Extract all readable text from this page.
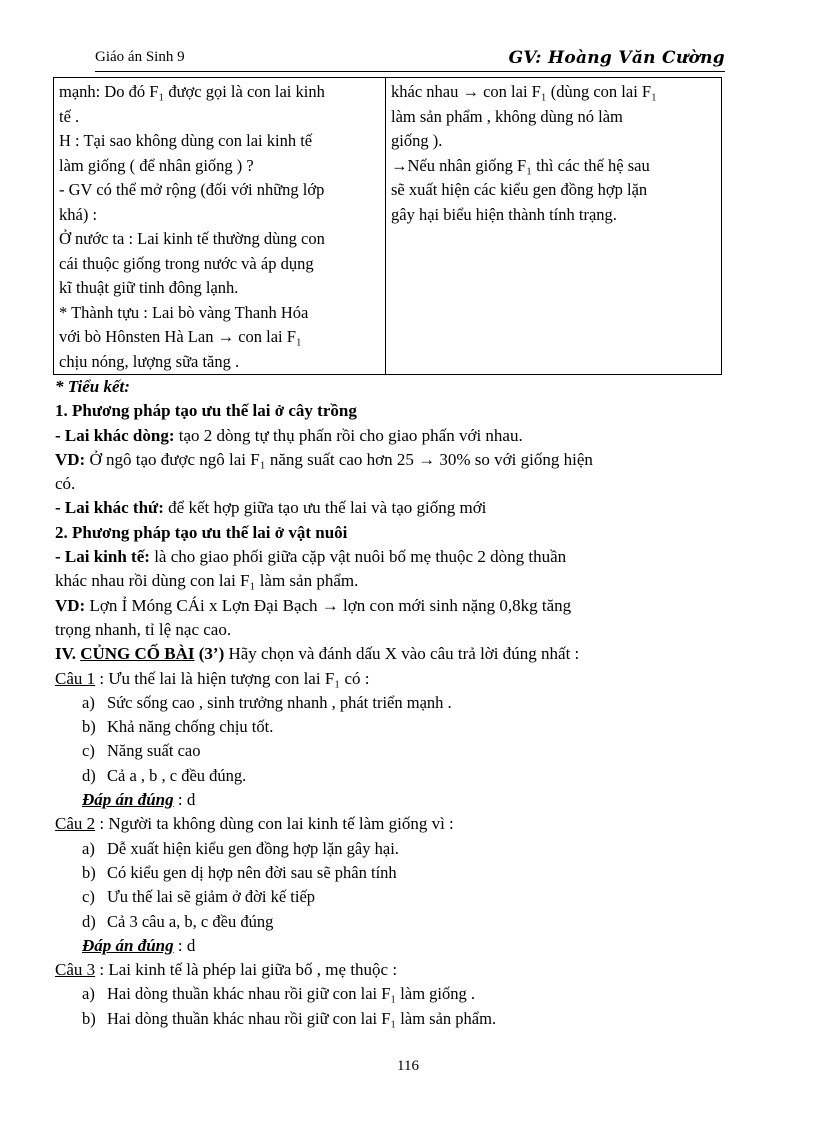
Giáo án Sinh 9	GV: Hoàng Văn Cường
mạnh: Do đó F₁ được gọi là con lai kinh
tế .
H : Tại sao không dùng con lai kinh tế
làm giống ( để nhân giống ) ?
- GV có thể mở rộng (đối với những lớp
khá) :
Ở nước ta : Lai kinh tế thường dùng con
cái thuộc giống trong nước và áp dụng
kĩ thuật giữ tinh đông lạnh.
* Thành tựu : Lai bò vàng Thanh Hóa
với bò Hônsten Hà Lan → con lai F₁
chịu nóng, lượng sữa tăng .

khác nhau → con lai F₁ (dùng con lai F₁
làm sản phẩm , không dùng nó làm
giống ).
→Nếu nhân giống F₁ thì các thế hệ sau
sẽ xuất hiện các kiểu gen đồng hợp lặn
gây hại biểu hiện thành tính trạng.
* Tiểu kết:
1. Phương pháp tạo ưu thế lai ở cây trồng
- Lai khác dòng: tạo 2 dòng tự thụ phấn rồi cho giao phấn với nhau.
VD: Ở ngô tạo được ngô lai F₁ năng suất cao hơn 25 → 30% so với giống hiện
có.
- Lai khác thứ: để kết hợp giữa tạo ưu thế lai và tạo giống mới
2. Phương pháp tạo ưu thế lai ở vật nuôi
- Lai kinh tế: là cho giao phối giữa cặp vật nuôi bố mẹ thuộc 2 dòng thuần
khác nhau rồi dùng con lai F₁ làm sản phẩm.
VD: Lợn Ỉ Móng CÁi x Lợn Đại Bạch → lợn con mới sinh nặng 0,8kg tăng
trọng nhanh, tỉ lệ nạc cao.
IV. CỦNG CỐ BÀI (3’) Hãy chọn và đánh dấu X vào câu trả lời đúng nhất :
Câu 1 : Ưu thế lai là hiện tượng con lai F₁ có :
a) Sức sống cao , sinh trưởng nhanh , phát triển mạnh .
b) Khả năng chống chịu tốt.
c) Năng suất cao
d) Cả a , b , c đều đúng.
Đáp án đúng : d
Câu 2 : Người ta không dùng con lai kinh tế làm giống vì :
a) Dễ xuất hiện kiểu gen đồng hợp lặn gây hại.
b) Có kiểu gen dị hợp nên đời sau sẽ phân tính
c) Ưu thế lai sẽ giảm ở đời kế tiếp
d) Cả 3 câu a, b, c đều đúng
Đáp án đúng : d
Câu 3 : Lai kinh tế là phép lai giữa bố , mẹ thuộc :
a) Hai dòng thuần khác nhau rồi giữ con lai F₁ làm giống .
b) Hai dòng thuần khác nhau rồi giữ con lai F₁ làm sản phẩm.
116
